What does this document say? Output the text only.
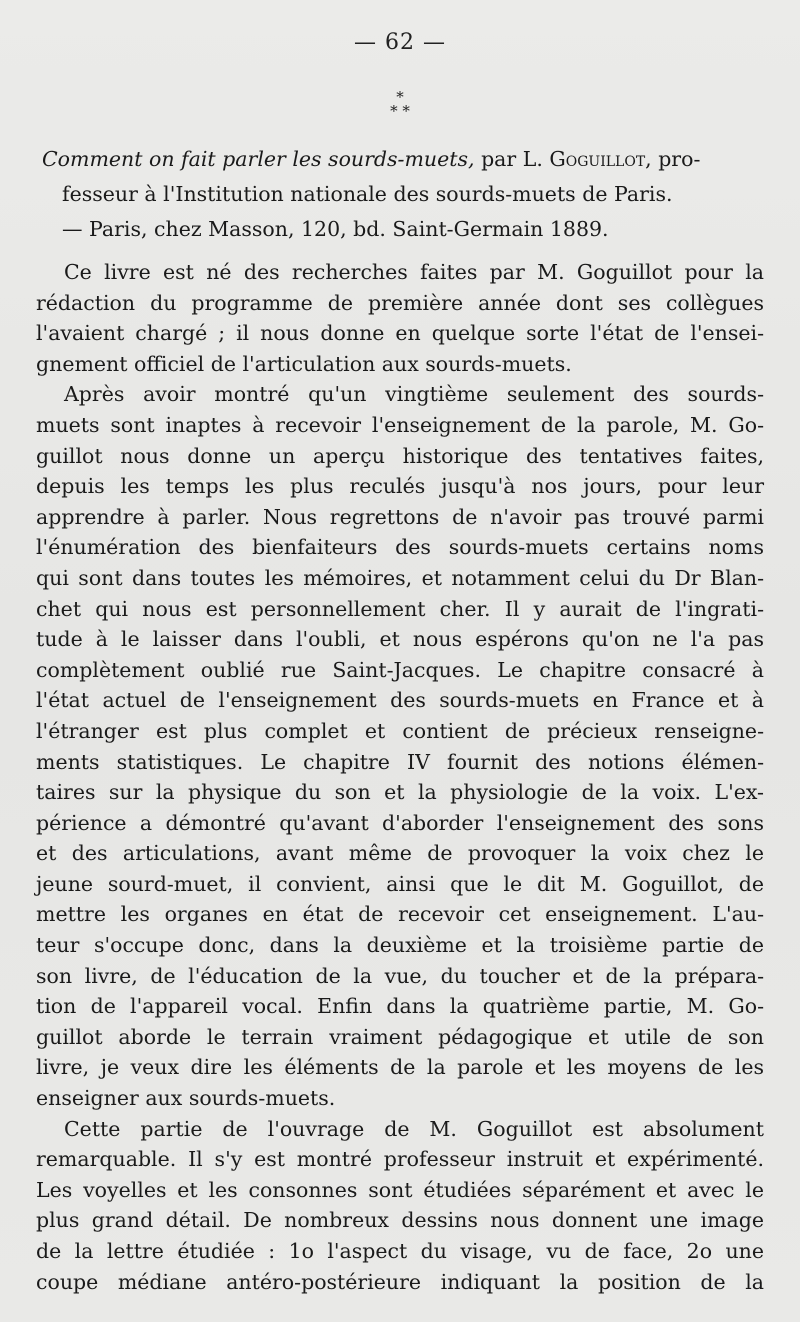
— 62 —
*
* *
Comment on fait parler les sourds-muets, par L. Goguillot, pro-
fesseur à l'Institution nationale des sourds-muets de Paris.
— Paris, chez Masson, 120, bd. Saint-Germain 1889.
Ce livre est né des recherches faites par M. Goguillot pour la
rédaction du programme de première année dont ses collègues
l'avaient chargé ; il nous donne en quelque sorte l'état de l'ensei-
gnement officiel de l'articulation aux sourds-muets.
Après avoir montré qu'un vingtième seulement des sourds-
muets sont inaptes à recevoir l'enseignement de la parole, M. Go-
guillot nous donne un aperçu historique des tentatives faites,
depuis les temps les plus reculés jusqu'à nos jours, pour leur
apprendre à parler. Nous regrettons de n'avoir pas trouvé parmi
l'énumération des bienfaiteurs des sourds-muets certains noms
qui sont dans toutes les mémoires, et notamment celui du Dr Blan-
chet qui nous est personnellement cher. Il y aurait de l'ingrati-
tude à le laisser dans l'oubli, et nous espérons qu'on ne l'a pas
complètement oublié rue Saint-Jacques. Le chapitre consacré à
l'état actuel de l'enseignement des sourds-muets en France et à
l'étranger est plus complet et contient de précieux renseigne-
ments statistiques. Le chapitre IV fournit des notions élémen-
taires sur la physique du son et la physiologie de la voix. L'ex-
périence a démontré qu'avant d'aborder l'enseignement des sons
et des articulations, avant même de provoquer la voix chez le
jeune sourd-muet, il convient, ainsi que le dit M. Goguillot, de
mettre les organes en état de recevoir cet enseignement. L'au-
teur s'occupe donc, dans la deuxième et la troisième partie de
son livre, de l'éducation de la vue, du toucher et de la prépara-
tion de l'appareil vocal. Enfin dans la quatrième partie, M. Go-
guillot aborde le terrain vraiment pédagogique et utile de son
livre, je veux dire les éléments de la parole et les moyens de les
enseigner aux sourds-muets.
Cette partie de l'ouvrage de M. Goguillot est absolument
remarquable. Il s'y est montré professeur instruit et expérimenté.
Les voyelles et les consonnes sont étudiées séparément et avec le
plus grand détail. De nombreux dessins nous donnent une image
de la lettre étudiée : 1o l'aspect du visage, vu de face, 2o une
coupe médiane antéro-postérieure indiquant la position de la
